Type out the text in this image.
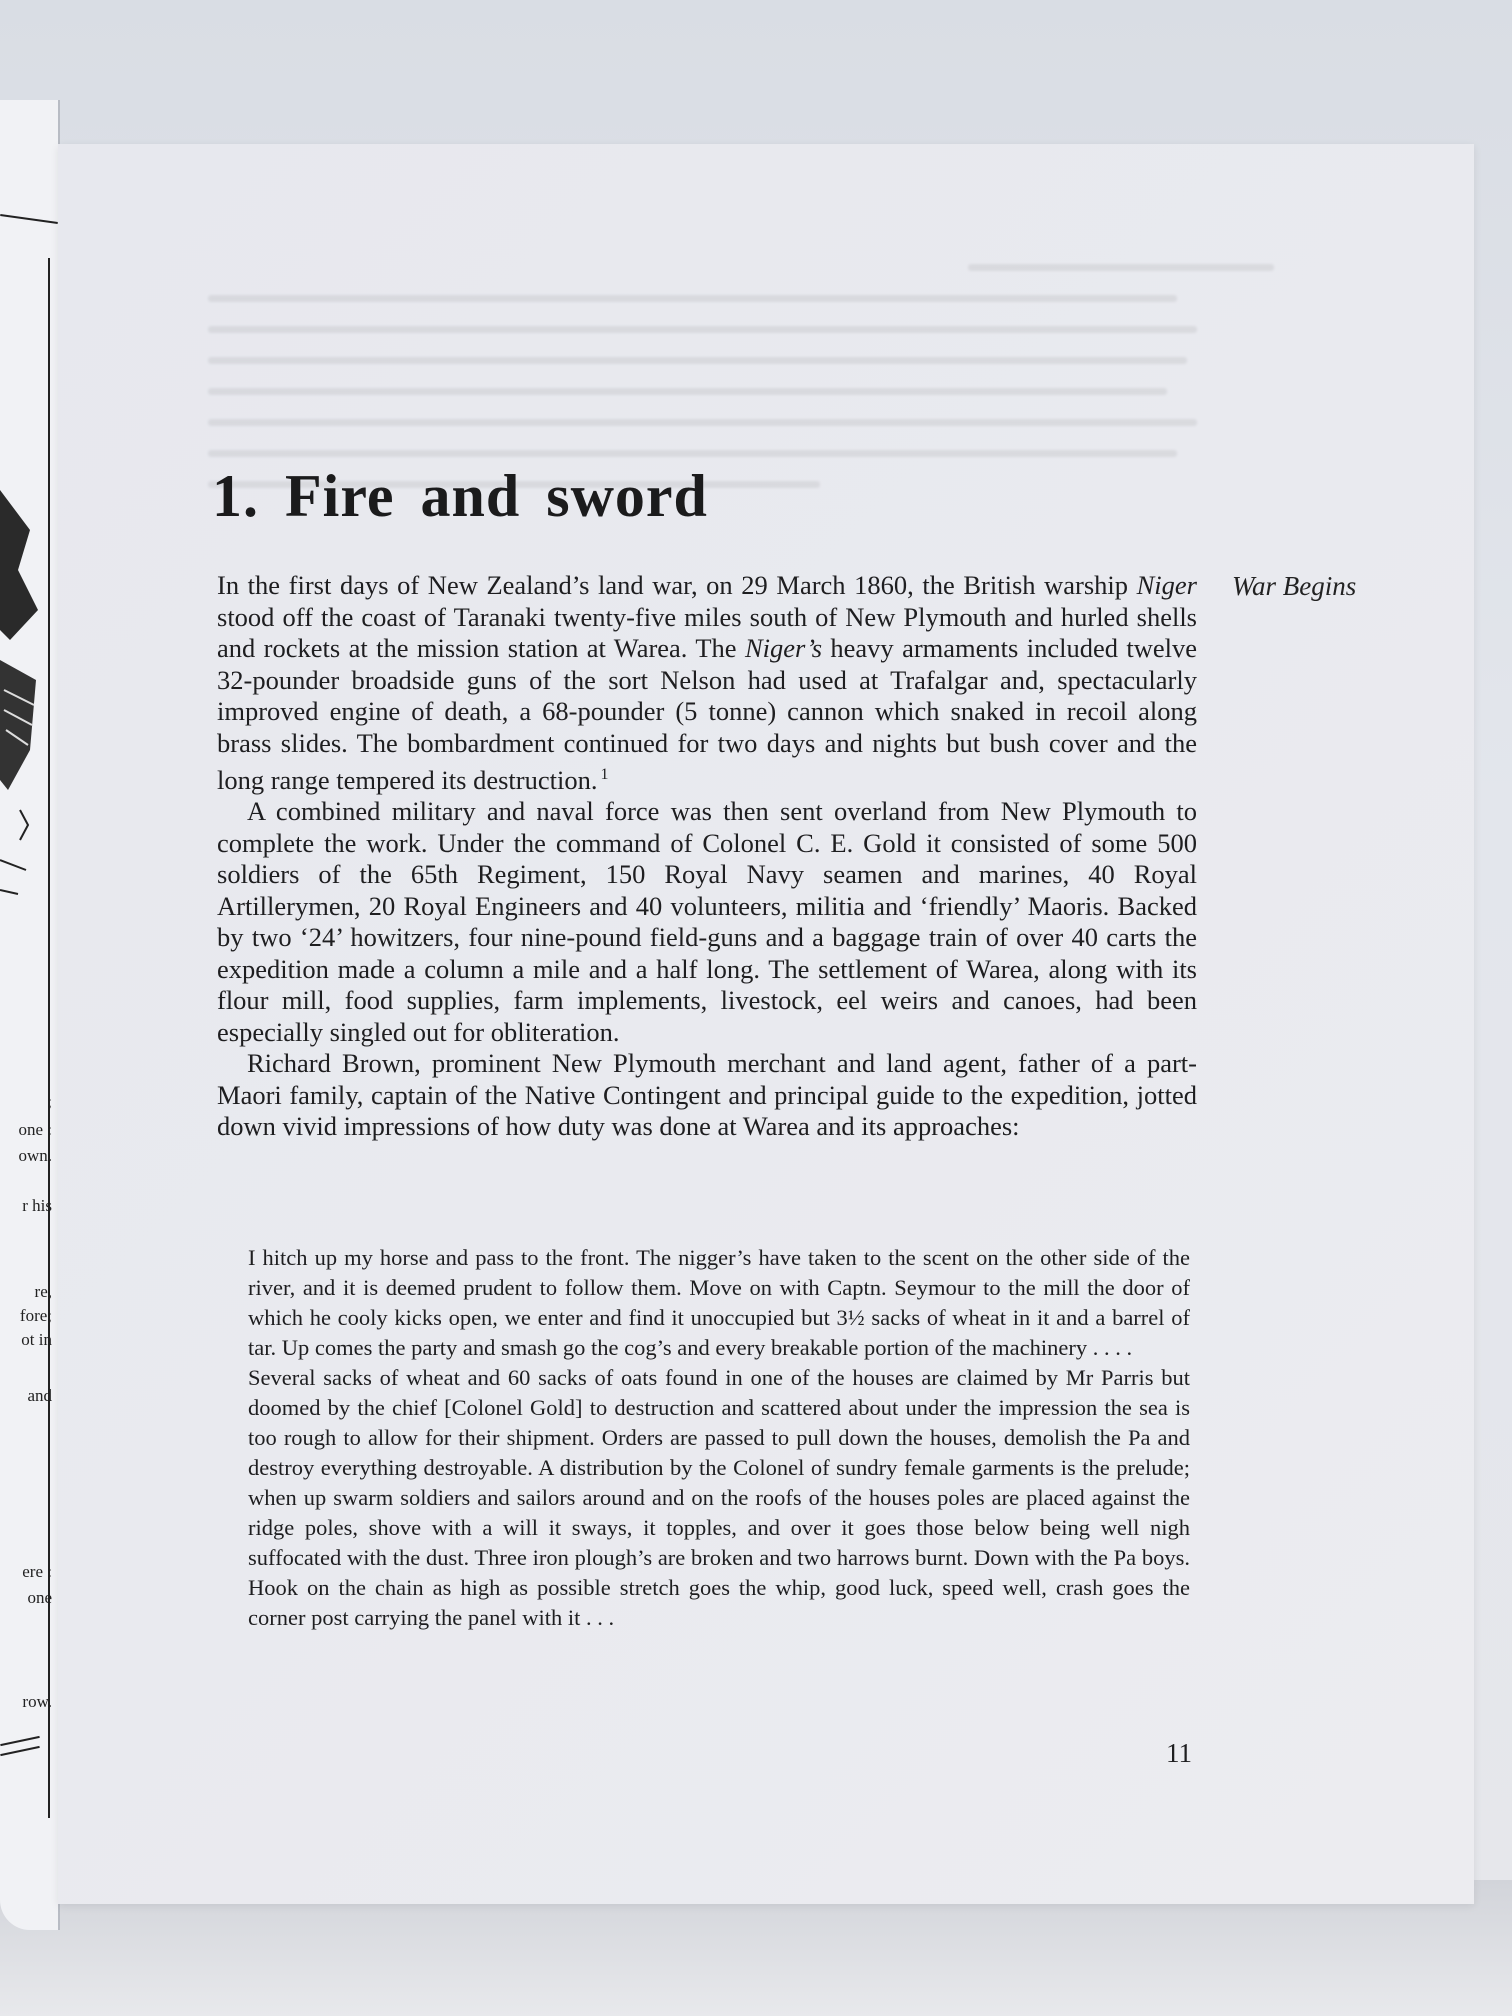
;
one :
own.
r his
re,
fore;
ot in
and
ere :
one
row.
1. Fire and sword
War Begins

In the first days of New Zealand’s land war, on 29 March 1860, the British warship Niger stood off the coast of Taranaki twenty-five miles south of New Plymouth and hurled shells and rockets at the mission station at Warea. The Niger’s heavy armaments included twelve 32-pounder broadside guns of the sort Nelson had used at Trafalgar and, spectacularly improved engine of death, a 68-pounder (5 tonne) cannon which snaked in recoil along brass slides. The bombardment continued for two days and nights but bush cover and the long range tempered its destruction. $^1$

A combined military and naval force was then sent overland from New Plymouth to complete the work. Under the command of Colonel C. E. Gold it consisted of some 500 soldiers of the 65th Regiment, 150 Royal Navy seamen and marines, 40 Royal Artillerymen, 20 Royal Engineers and 40 volunteers, militia and ‘friendly’ Maoris. Backed by two ‘24’ howitzers, four nine-pound field-guns and a baggage train of over 40 carts the expedition made a column a mile and a half long. The settlement of Warea, along with its flour mill, food supplies, farm implements, livestock, eel weirs and canoes, had been especially singled out for obliteration.

Richard Brown, prominent New Plymouth merchant and land agent, father of a part-Maori family, captain of the Native Contingent and principal guide to the expedition, jotted down vivid impressions of how duty was done at Warea and its approaches:

I hitch up my horse and pass to the front. The nigger’s have taken to the scent on the other side of the river, and it is deemed prudent to follow them. Move on with Captn. Seymour to the mill the door of which he cooly kicks open, we enter and find it unoccupied but 3½ sacks of wheat in it and a barrel of tar. Up comes the party and smash go the cog’s and every breakable portion of the machinery . . . .

Several sacks of wheat and 60 sacks of oats found in one of the houses are claimed by Mr Parris but doomed by the chief [Colonel Gold] to destruction and scattered about under the impression the sea is too rough to allow for their shipment. Orders are passed to pull down the houses, demolish the Pa and destroy everything destroyable. A distribution by the Colonel of sundry female garments is the prelude; when up swarm soldiers and sailors around and on the roofs of the houses poles are placed against the ridge poles, shove with a will it sways, it topples, and over it goes those below being well nigh suffocated with the dust. Three iron plough’s are broken and two harrows burnt. Down with the Pa boys. Hook on the chain as high as possible stretch goes the whip, good luck, speed well, crash goes the corner post carrying the panel with it . . .

11
